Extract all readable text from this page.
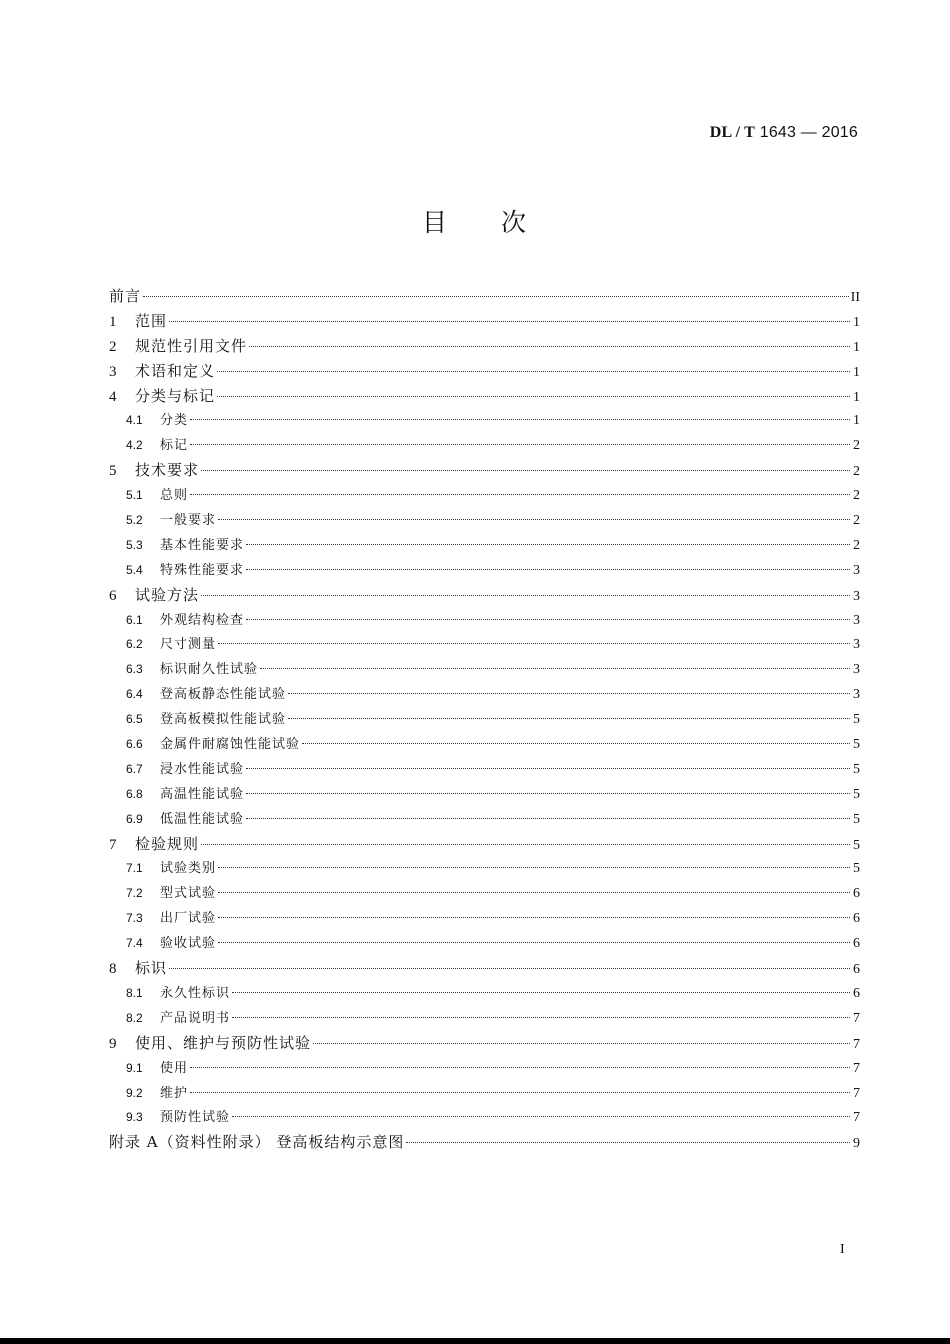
DL / T 1643 — 2016
目 次
前言	II
1	范围	1
2	规范性引用文件	1
3	术语和定义	1
4	分类与标记	1
4.1	分类	1
4.2	标记	2
5	技术要求	2
5.1	总则	2
5.2	一般要求	2
5.3	基本性能要求	2
5.4	特殊性能要求	3
6	试验方法	3
6.1	外观结构检查	3
6.2	尺寸测量	3
6.3	标识耐久性试验	3
6.4	登高板静态性能试验	3
6.5	登高板模拟性能试验	5
6.6	金属件耐腐蚀性能试验	5
6.7	浸水性能试验	5
6.8	高温性能试验	5
6.9	低温性能试验	5
7	检验规则	5
7.1	试验类别	5
7.2	型式试验	6
7.3	出厂试验	6
7.4	验收试验	6
8	标识	6
8.1	永久性标识	6
8.2	产品说明书	7
9	使用、维护与预防性试验	7
9.1	使用	7
9.2	维护	7
9.3	预防性试验	7
附录 A（资料性附录） 登高板结构示意图	9
I
